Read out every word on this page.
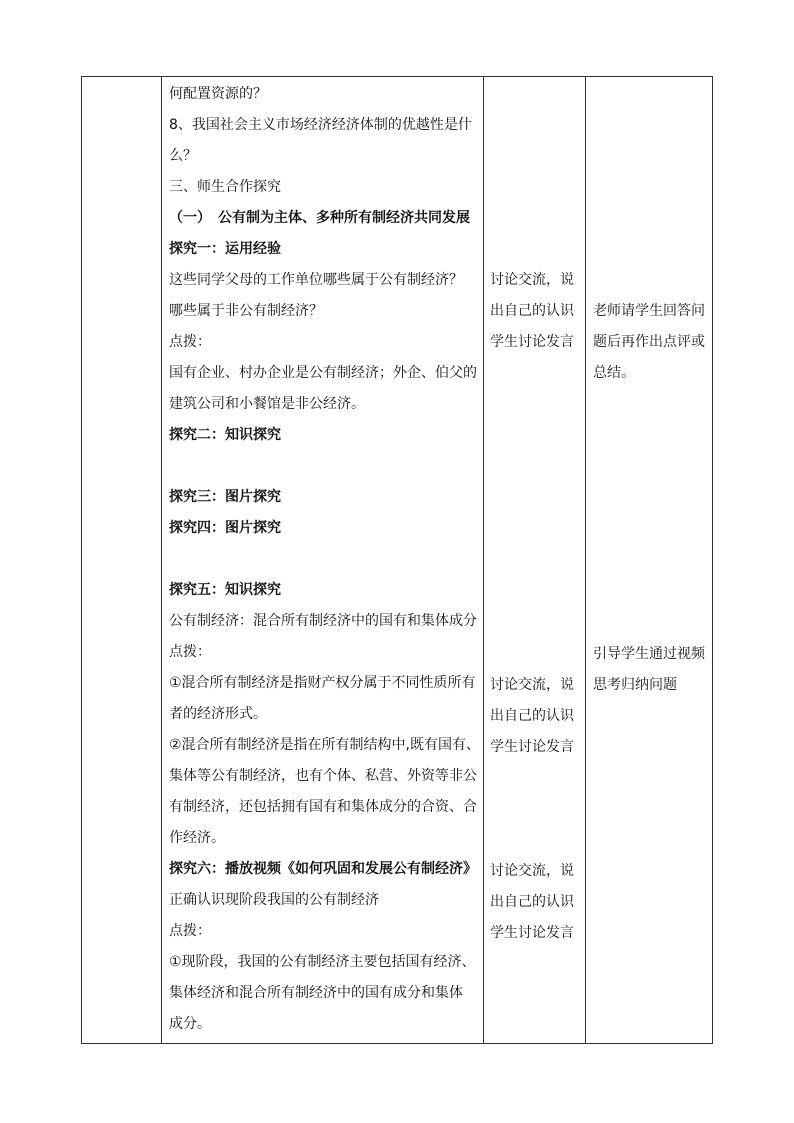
何配置资源的？

8、我国社会主义市场经济经济体制的优越性是什

么？

三、师生合作探究

（一）　公有制为主体、多种所有制经济共同发展

探究一：运用经验

这些同学父母的工作单位哪些属于公有制经济？

哪些属于非公有制经济？

点拨：

国有企业、村办企业是公有制经济；外企、伯父的

建筑公司和小餐馆是非公经济。

探究二：知识探究

探究三：图片探究

探究四：图片探究

探究五：知识探究

公有制经济：混合所有制经济中的国有和集体成分

点拨：

①混合所有制经济是指财产权分属于不同性质所有

者的经济形式。

②混合所有制经济是指在所有制结构中,既有国有、

集体等公有制经济，也有个体、私营、外资等非公

有制经济，还包括拥有国有和集体成分的合资、合

作经济。

探究六：播放视频《如何巩固和发展公有制经济》

正确认识现阶段我国的公有制经济

点拨：

①现阶段，我国的公有制经济主要包括国有经济、

集体经济和混合所有制经济中的国有成分和集体

成分。

讨论交流，说

出自己的认识

学生讨论发言

讨论交流，说

出自己的认识

学生讨论发言

讨论交流，说

出自己的认识

学生讨论发言

老师请学生回答问

题后再作出点评或

总结。

引导学生通过视频

思考归纳问题
